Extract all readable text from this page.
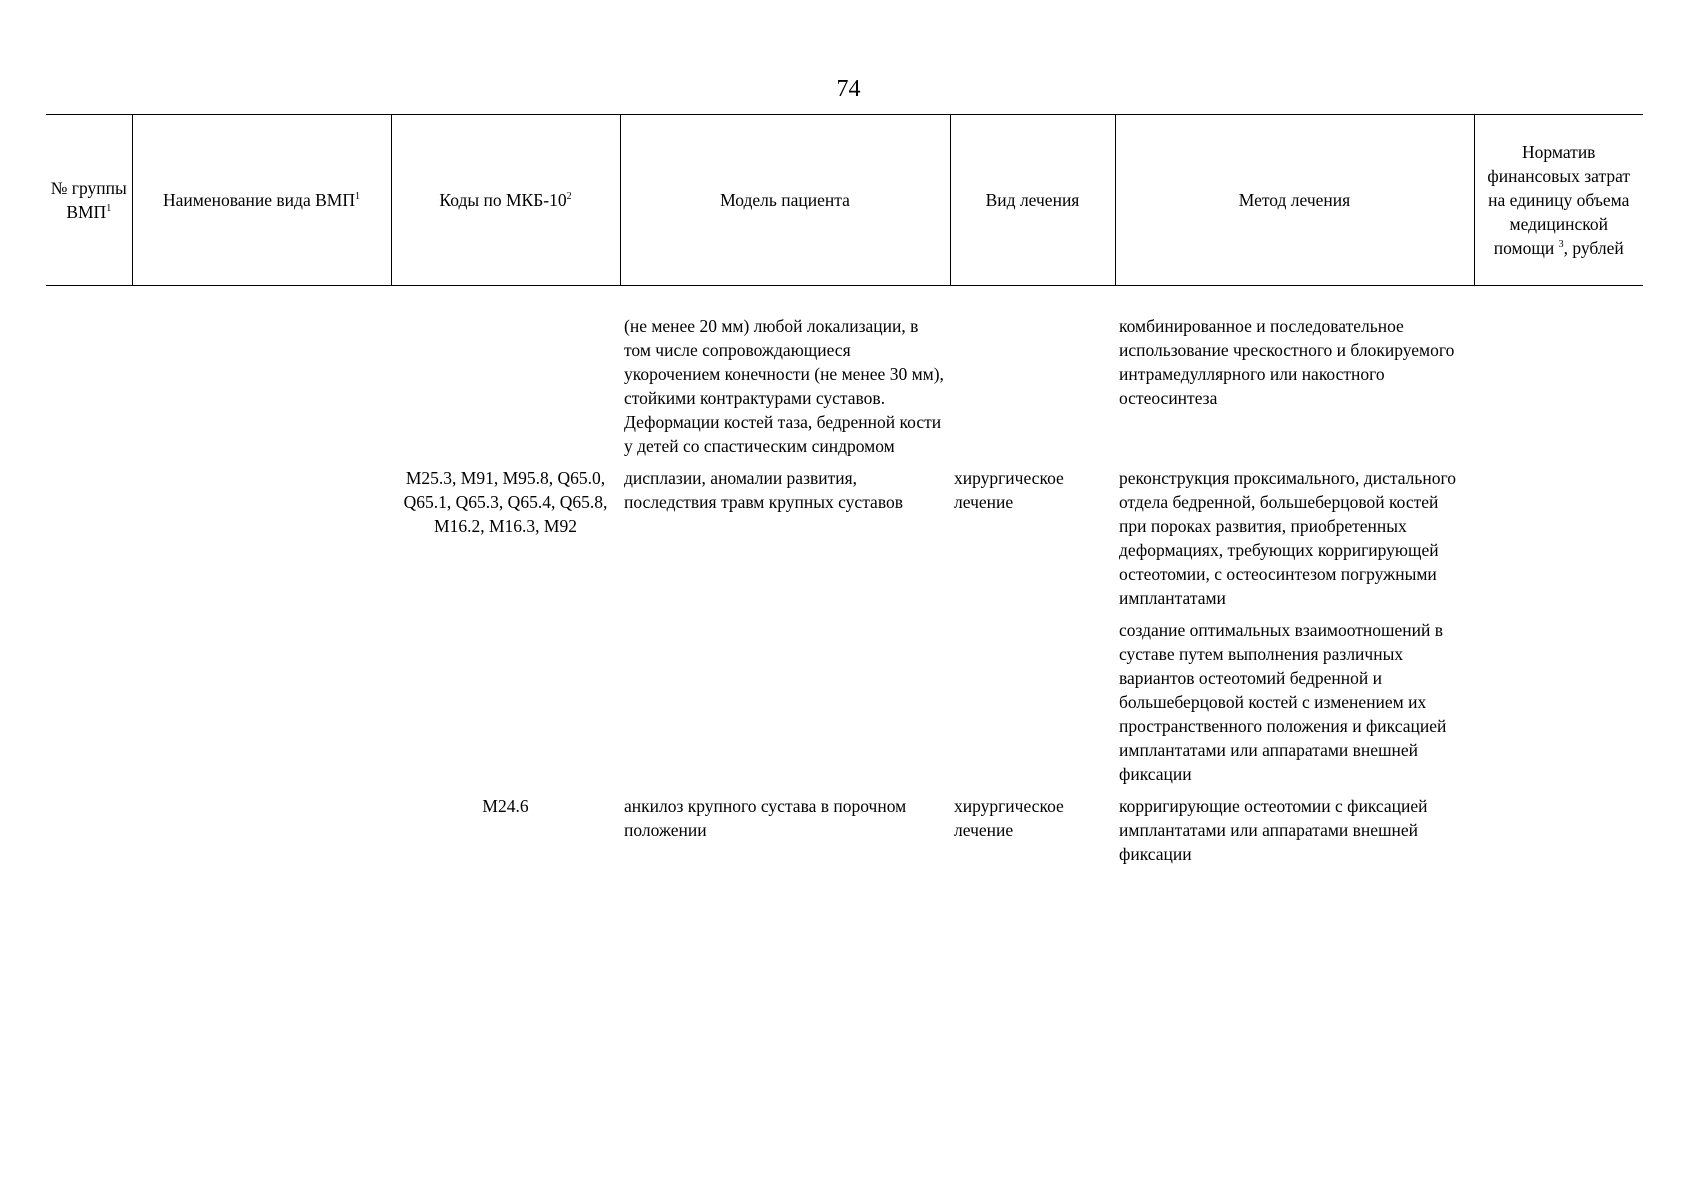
74
№ группы ВМП$^1$	Наименование вида ВМП$^1$	Коды по МКБ-$10^2$	Модель пациента	Вид лечения	Метод лечения	Норматив финансовых затрат на единицу объема медицинской помощи $^3$, рублей

			(не менее 20 мм) любой локализации, в том числе сопровождающиеся укорочением конечности (не менее 30 мм), стойкими контрактурами суставов. Деформации костей таза, бедренной кости у детей со спастическим синдромом		комбинированное и последовательное использование чрескостного и блокируемого интрамедуллярного или накостного остеосинтеза	
		M25.3, M91, M95.8, Q65.0, Q65.1, Q65.3, Q65.4, Q65.8, M16.2, M16.3, M92	дисплазии, аномалии развития, последствия травм крупных суставов	хирургическое лечение	реконструкция проксимального, дистального отдела бедренной, большеберцовой костей при пороках развития, приобретенных деформациях, требующих корригирующей остеотомии, с остеосинтезом погружными имплантатами	
					создание оптимальных взаимоотношений в суставе путем выполнения различных вариантов остеотомий бедренной и большеберцовой костей с изменением их пространственного положения и фиксацией имплантатами или аппаратами внешней фиксации	
		M24.6	анкилоз крупного сустава в порочном положении	хирургическое лечение	корригирующие остеотомии с фиксацией имплантатами или аппаратами внешней фиксации	
